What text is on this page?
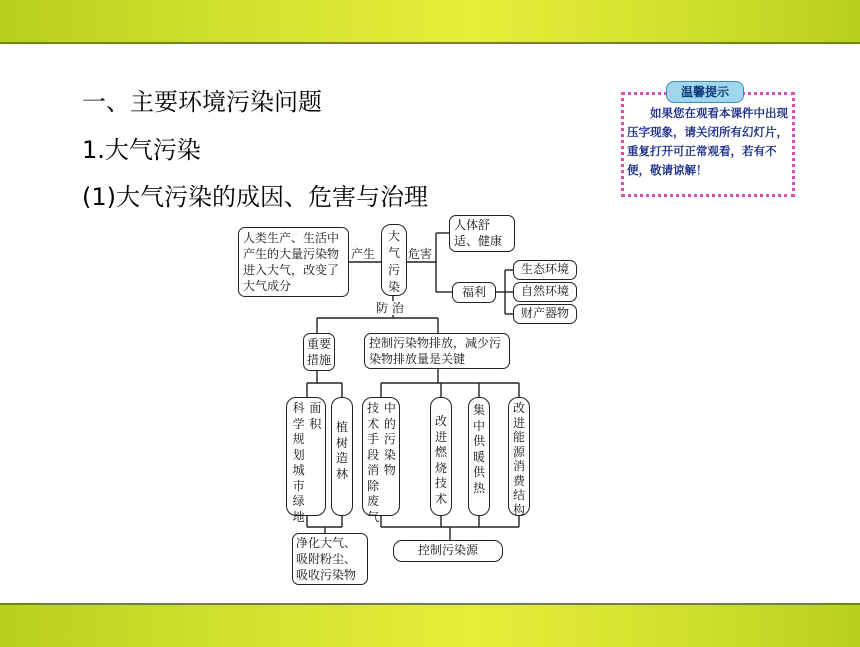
一、主要环境污染问题
1.大气污染
(1)大气污染的成因、危害与治理
温馨提示
如果您在观看本课件中出现压字现象，请关闭所有幻灯片，重复打开可正常观看，若有不便，敬请谅解！
人类生产、生活中产生的大量污染物进入大气，改变了大气成分
产生
大气污染
危害
人体舒适、健康
福利
生态环境
自然环境
财产器物
防 治
重要措施
控制污染物排放，减少污染物排放量是关键
科学规划城市绿地 面积	植树造林
技术手段消除废气 中的污染物
改进燃烧技术
集中供暖供热
改进能源消费结构
净化大气、吸附粉尘、吸收污染物
控制污染源
